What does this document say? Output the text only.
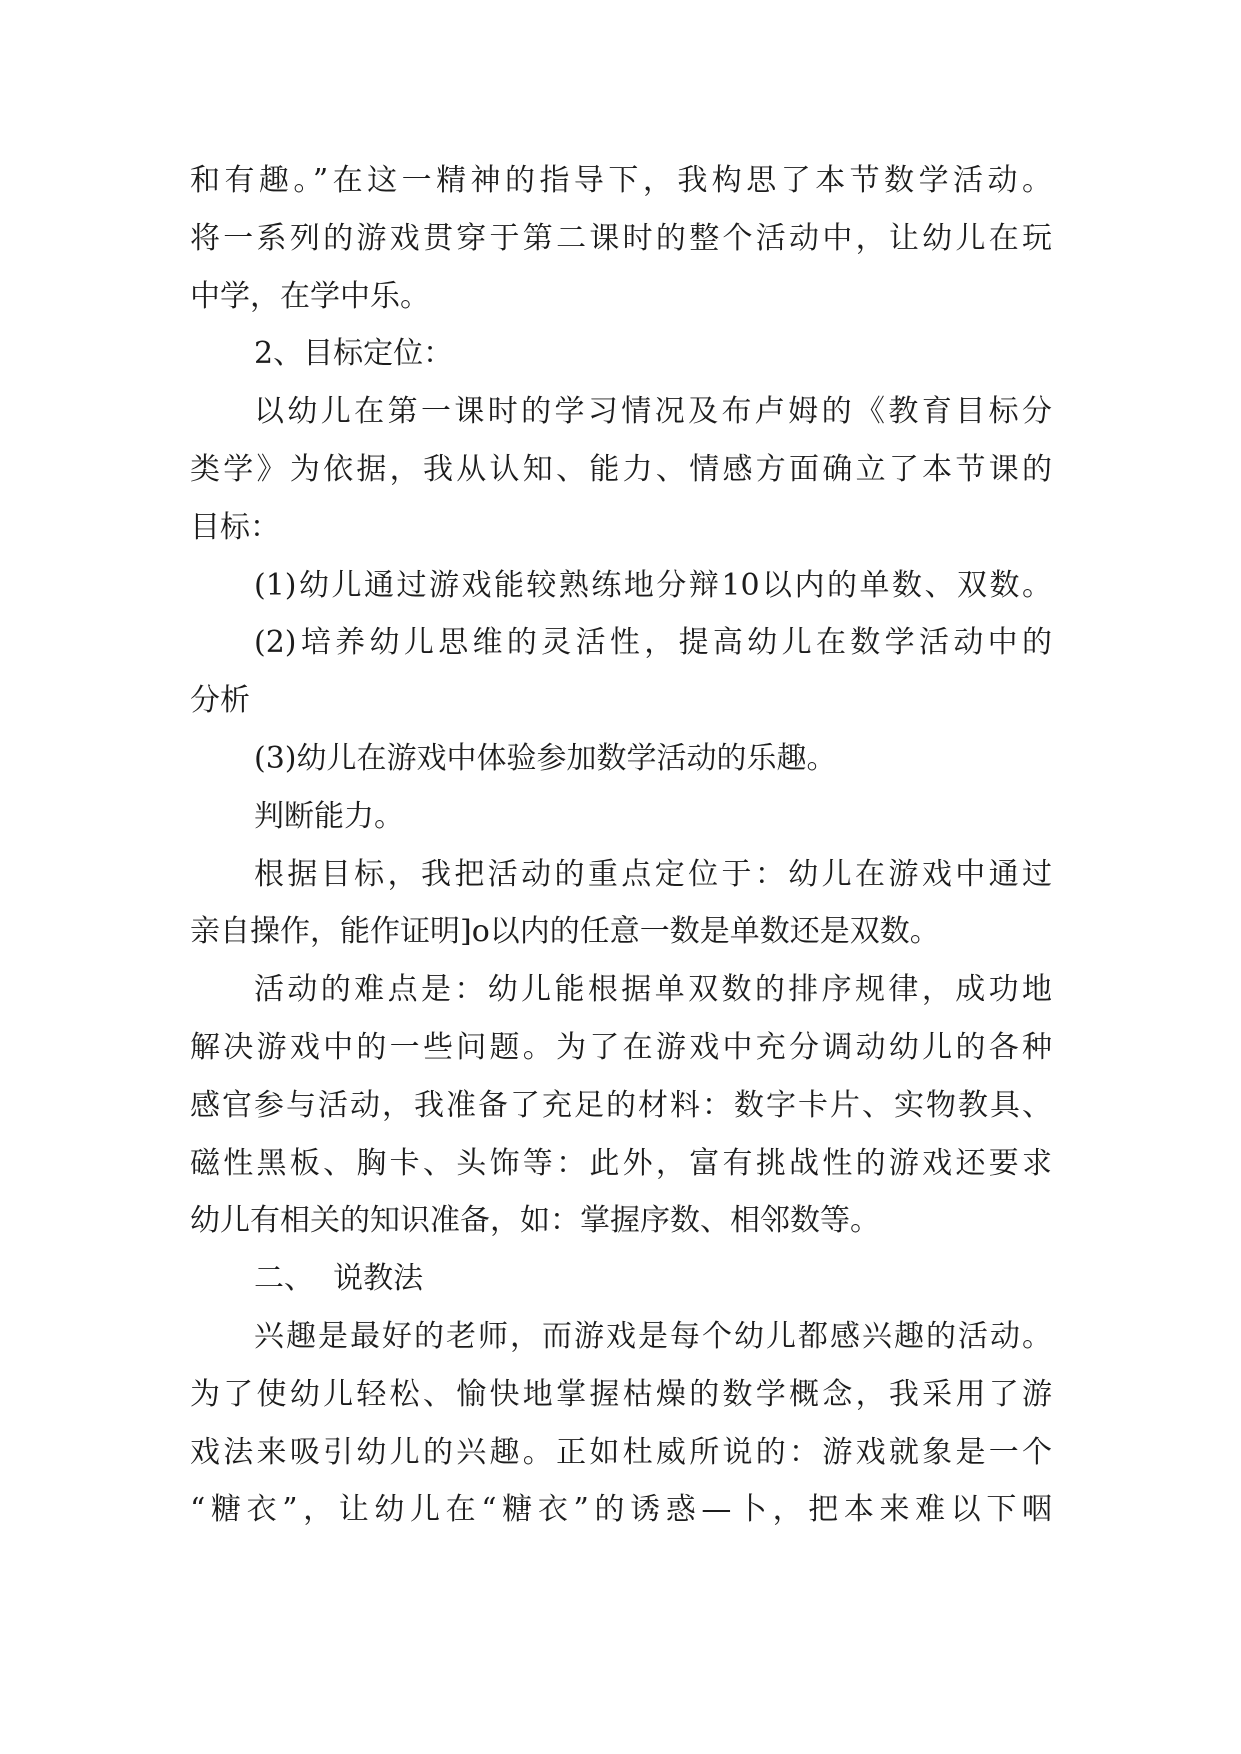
和有趣。”在这一精神的指导下，我构思了本节数学活动。
将一系列的游戏贯穿于第二课时的整个活动中，让幼儿在玩
中学，在学中乐。
2、目标定位：
以幼儿在第一课时的学习情况及布卢姆的《教育目标分
类学》为依据，我从认知、能力、情感方面确立了本节课的
目标：
(1)幼儿通过游戏能较熟练地分辩10以内的单数、双数。
(2)培养幼儿思维的灵活性，提高幼儿在数学活动中的
分析
(3)幼儿在游戏中体验参加数学活动的乐趣。
判断能力。
根据目标，我把活动的重点定位于：幼儿在游戏中通过
亲自操作，能作证明]o以内的任意一数是单数还是双数。
活动的难点是：幼儿能根据单双数的排序规律，成功地
解决游戏中的一些问题。为了在游戏中充分调动幼儿的各种
感官参与活动，我准备了充足的材料：数字卡片、实物教具、
磁性黑板、胸卡、头饰等：此外，富有挑战性的游戏还要求
幼儿有相关的知识准备，如：掌握序数、相邻数等。
二、  说教法
兴趣是最好的老师，而游戏是每个幼儿都感兴趣的活动。
为了使幼儿轻松、愉快地掌握枯燥的数学概念，我采用了游
戏法来吸引幼儿的兴趣。正如杜威所说的：游戏就象是一个
“糖衣”，让幼儿在“糖衣”的诱惑—卜，把本来难以下咽
